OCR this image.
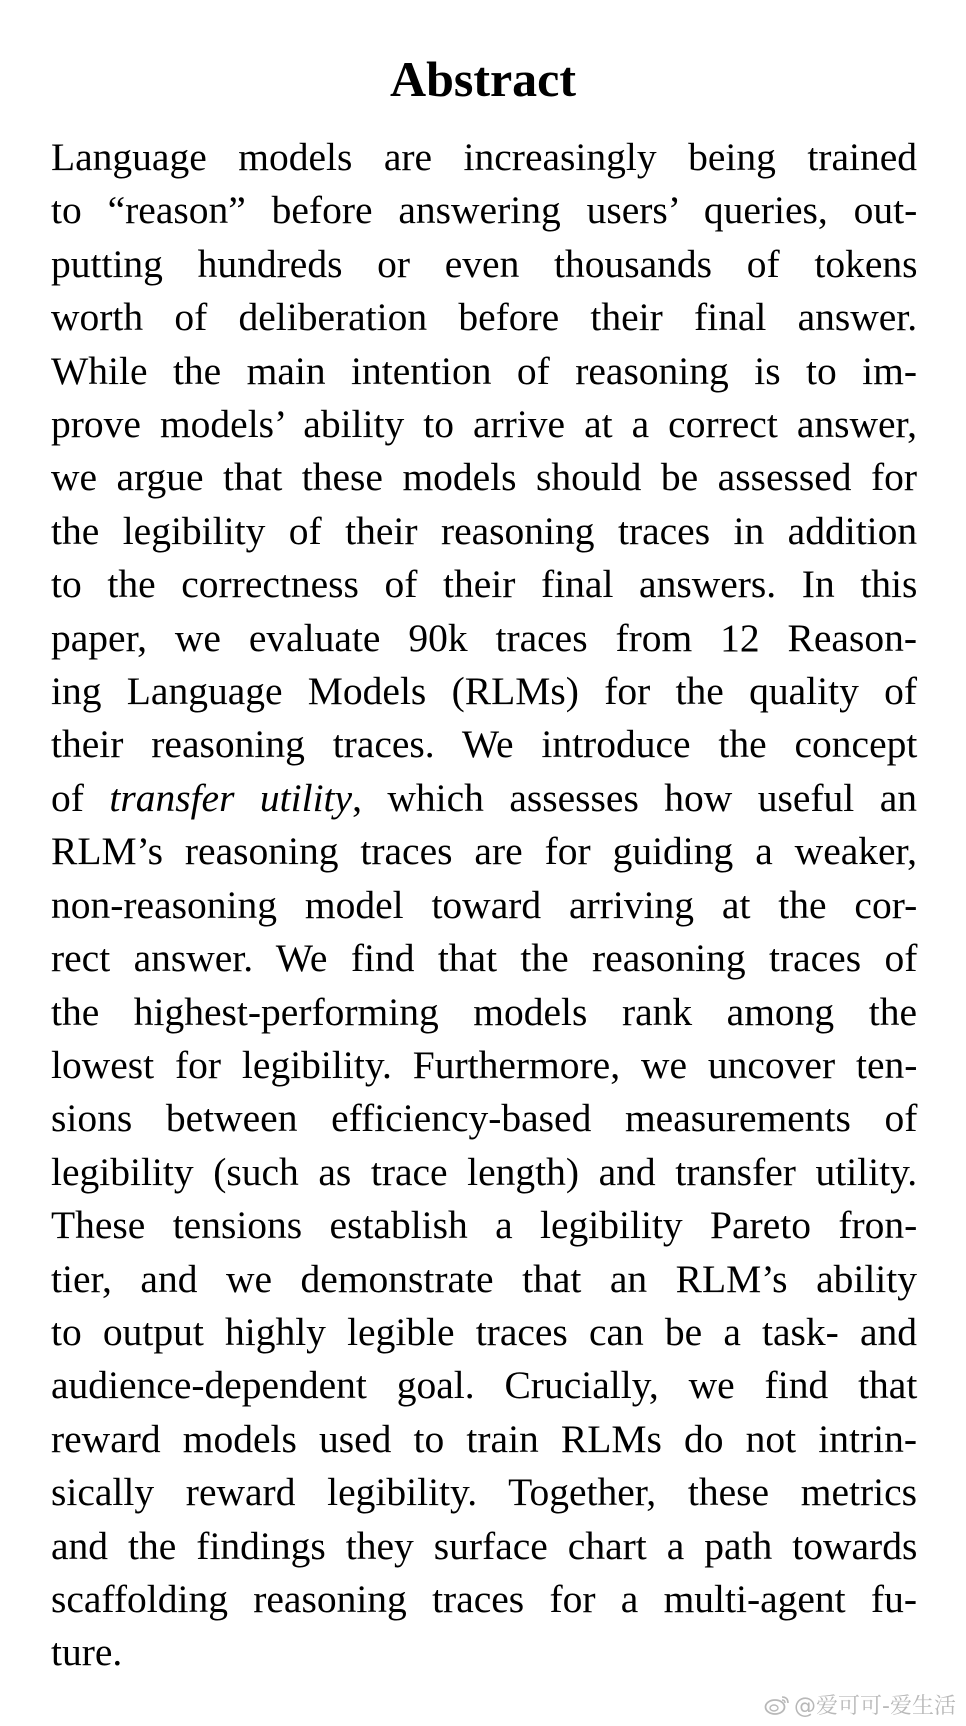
Abstract
Language models are increasingly being trained
to “reason” before answering users’ queries, out-
putting hundreds or even thousands of tokens
worth of deliberation before their final answer.
While the main intention of reasoning is to im-
prove models’ ability to arrive at a correct answer,
we argue that these models should be assessed for
the legibility of their reasoning traces in addition
to the correctness of their final answers. In this
paper, we evaluate 90k traces from 12 Reason-
ing Language Models (RLMs) for the quality of
their reasoning traces. We introduce the concept
of transfer utility, which assesses how useful an
RLM’s reasoning traces are for guiding a weaker,
non-reasoning model toward arriving at the cor-
rect answer. We find that the reasoning traces of
the highest-performing models rank among the
lowest for legibility. Furthermore, we uncover ten-
sions between efficiency-based measurements of
legibility (such as trace length) and transfer utility.
These tensions establish a legibility Pareto fron-
tier, and we demonstrate that an RLM’s ability
to output highly legible traces can be a task- and
audience-dependent goal. Crucially, we find that
reward models used to train RLMs do not intrin-
sically reward legibility. Together, these metrics
and the findings they surface chart a path towards
scaffolding reasoning traces for a multi-agent fu-
ture.
@爱可可-爱生活
